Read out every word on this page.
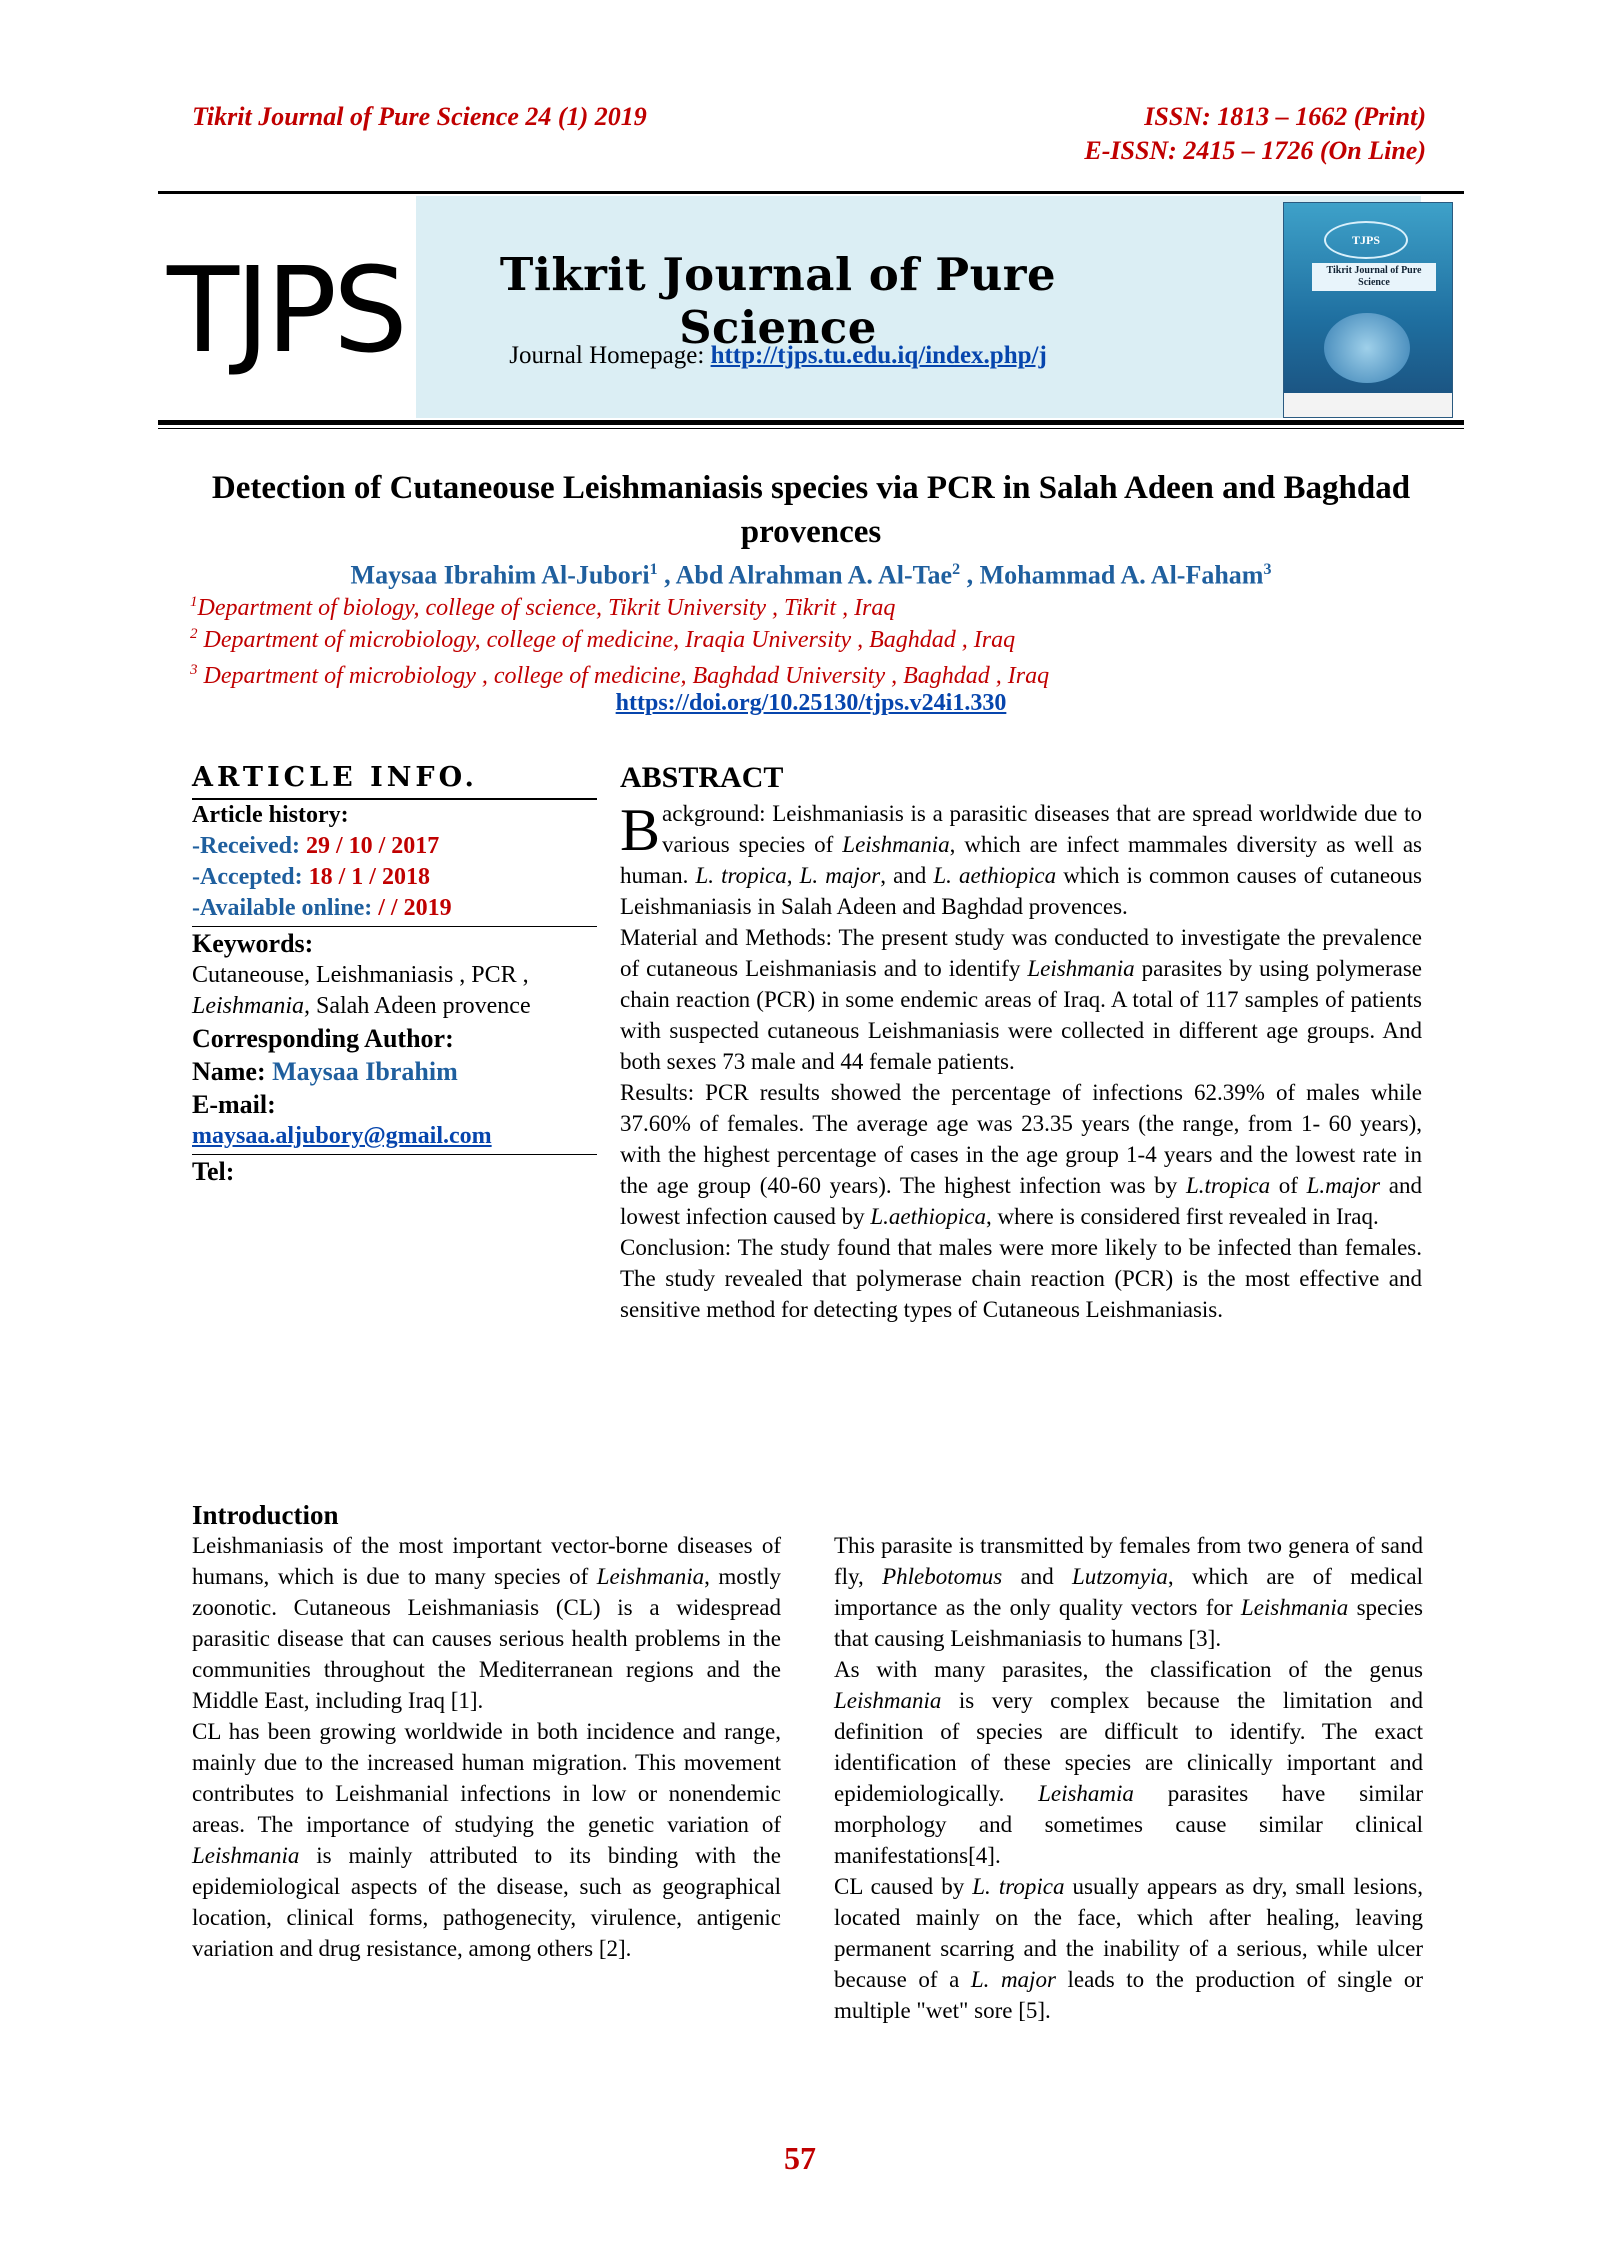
Tikrit Journal of Pure Science 24 (1) 2019	ISSN: 1813 – 1662 (Print)
E-ISSN: 2415 – 1726 (On Line)
TJPS	Tikrit Journal of Pure Science
Journal Homepage: http://tjps.tu.edu.iq/index.php/j
TJPS
Tikrit Journal of Pure Science
Detection of Cutaneouse Leishmaniasis species via PCR in Salah Adeen and Baghdad provences
Maysaa Ibrahim Al-Jubori$^1$ , Abd Alrahman A. Al-Tae$^2$ , Mohammad A. Al-Faham$^3$
$^1$Department of biology, college of science, Tikrit University , Tikrit , Iraq
$^2$ Department of microbiology, college of medicine, Iraqia University , Baghdad , Iraq
$^3$ Department of microbiology , college of medicine, Baghdad University , Baghdad , Iraq
https://doi.org/10.25130/tjps.v24i1.330
ARTICLE INFO.
Article history:
-Received: 29 / 10 / 2017
-Accepted: 18 / 1 / 2018
-Available online: / / 2019
Keywords:
Cutaneouse, Leishmaniasis , PCR ,
Leishmania, Salah Adeen provence
Corresponding Author:
Name: Maysaa Ibrahim
E-mail:
maysaa.aljubory@gmail.com
Tel:
ABSTRACT

Background: Leishmaniasis is a parasitic diseases that are spread worldwide due to various species of Leishmania, which are infect mammales diversity as well as human. L. tropica, L. major, and L. aethiopica which is common causes of cutaneous Leishmaniasis in Salah Adeen and Baghdad provences.

Material and Methods: The present study was conducted to investigate the prevalence of cutaneous Leishmaniasis and to identify Leishmania parasites by using polymerase chain reaction (PCR) in some endemic areas of Iraq. A total of 117 samples of patients with suspected cutaneous Leishmaniasis were collected in different age groups. And both sexes 73 male and 44 female patients.

Results: PCR results showed the percentage of infections 62.39% of males while 37.60% of females. The average age was 23.35 years (the range, from 1- 60 years), with the highest percentage of cases in the age group 1-4 years and the lowest rate in the age group (40-60 years). The highest infection was by L.tropica of L.major and lowest infection caused by L.aethiopica, where is considered first revealed in Iraq.

Conclusion: The study found that males were more likely to be infected than females. The study revealed that polymerase chain reaction (PCR) is the most effective and sensitive method for detecting types of Cutaneous Leishmaniasis.

Introduction

Leishmaniasis of the most important vector-borne diseases of humans, which is due to many species of Leishmania, mostly zoonotic. Cutaneous Leishmaniasis (CL) is a widespread parasitic disease that can causes serious health problems in the communities throughout the Mediterranean regions and the Middle East, including Iraq [1].

CL has been growing worldwide in both incidence and range, mainly due to the increased human migration. This movement contributes to Leishmanial infections in low or nonendemic areas. The importance of studying the genetic variation of Leishmania is mainly attributed to its binding with the epidemiological aspects of the disease, such as geographical location, clinical forms, pathogenecity, virulence, antigenic variation and drug resistance, among others [2].

This parasite is transmitted by females from two genera of sand fly, Phlebotomus and Lutzomyia, which are of medical importance as the only quality vectors for Leishmania species that causing Leishmaniasis to humans [3].

As with many parasites, the classification of the genus Leishmania is very complex because the limitation and definition of species are difficult to identify. The exact identification of these species are clinically important and epidemiologically. Leishamia parasites have similar morphology and sometimes cause similar clinical manifestations[4].

CL caused by L. tropica usually appears as dry, small lesions, located mainly on the face, which after healing, leaving permanent scarring and the inability of a serious, while ulcer because of a L. major leads to the production of single or multiple "wet" sore [5].

57
